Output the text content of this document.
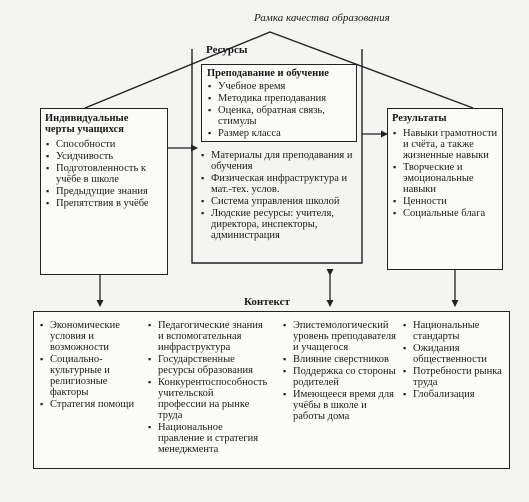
Рамка качества образования
Ресурсы
Индивидуальные черты учащихся
▪ Способности
▪ Усидчивость
▪ Подготовленность к учёбе в школе
▪ Предыдущие знания
▪ Препятствия в учёбе
Преподавание и обучение
▪ Учебное время
▪ Методика преподавания
▪ Оценка, обратная связь, стимулы
▪ Размер класса
▪ Материалы для преподавания и обучения
▪ Физическая инфраструктура и мат.-тех. услов.
▪ Система управления школой
▪ Людские ресурсы: учителя, директора, инспекторы, администрация
Результаты
▪ Навыки грамотности и счёта, а также жизненные навыки
▪ Творческие и эмоциональные навыки
▪ Ценности
▪ Социальные блага
Контекст
▪ Экономические условия и возможности
▪ Социально-культурные и религиозные факторы
▪ Стратегия помощи
▪ Педагогические знания и вспомогательная инфраструктура
▪ Государственные ресурсы образования
▪ Конкурентоспособность учительской профессии на рынке труда
▪ Национальное правление и стратегия менеджмента
▪ Эпистемологический уровень преподавателя и учащегося
▪ Влияние сверстников
▪ Поддержка со стороны родителей
▪ Имеющееся время для учёбы в школе и работы дома
▪ Национальные стандарты
▪ Ожидания общественности
▪ Потребности рынка труда
▪ Глобализация
